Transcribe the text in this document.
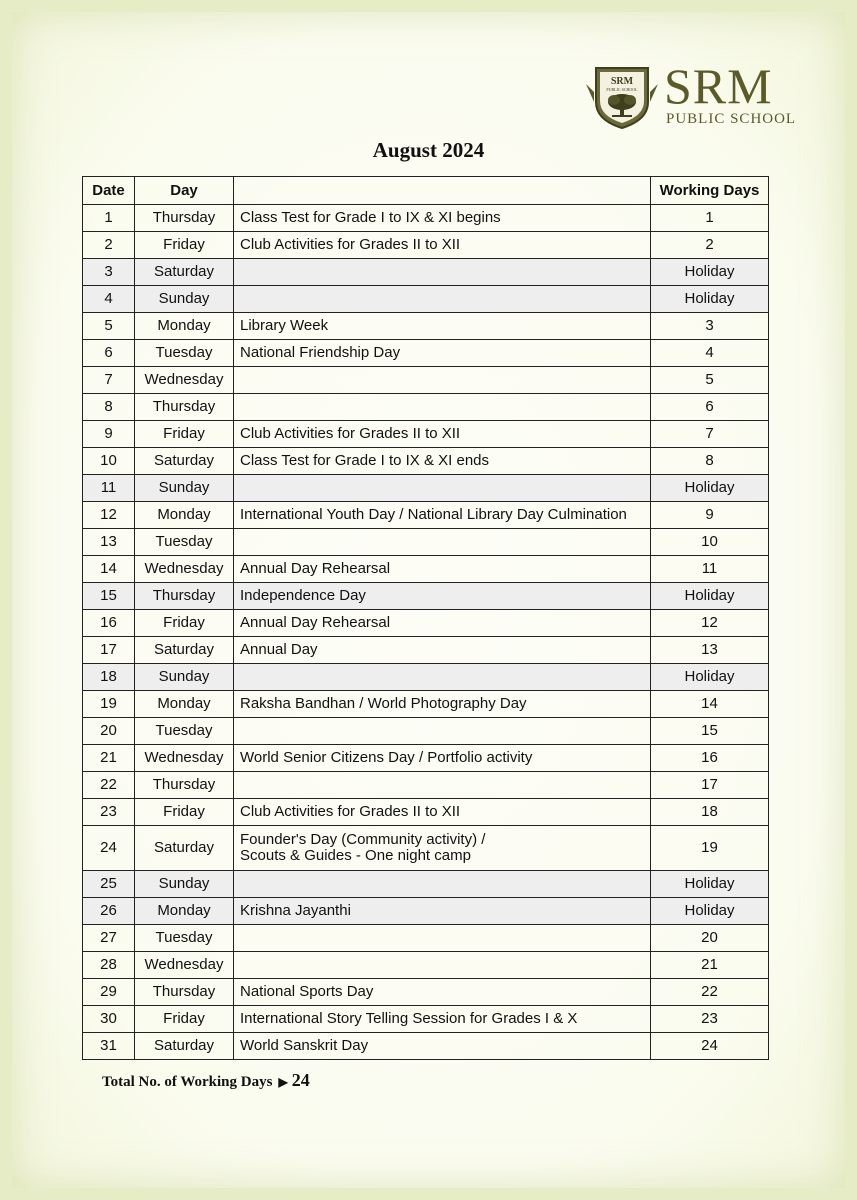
SRM
PUBLIC SCHOOL SRM
PUBLIC SCHOOL
August 2024
Date	Day		Working Days
1	Thursday	Class Test for Grade I to IX & XI begins	1
2	Friday	Club Activities for Grades II to XII	2
3	Saturday		Holiday
4	Sunday		Holiday
5	Monday	Library Week	3
6	Tuesday	National Friendship Day	4
7	Wednesday		5
8	Thursday		6
9	Friday	Club Activities for Grades II to XII	7
10	Saturday	Class Test for Grade I to IX & XI ends	8
11	Sunday		Holiday
12	Monday	International Youth Day / National Library Day Culmination	9
13	Tuesday		10
14	Wednesday	Annual Day Rehearsal	11
15	Thursday	Independence Day	Holiday
16	Friday	Annual Day Rehearsal	12
17	Saturday	Annual Day	13
18	Sunday		Holiday
19	Monday	Raksha Bandhan / World Photography Day	14
20	Tuesday		15
21	Wednesday	World Senior Citizens Day / Portfolio activity	16
22	Thursday		17
23	Friday	Club Activities for Grades II to XII	18
24	Saturday	Founder's Day (Community activity) /
Scouts & Guides - One night camp	19
25	Sunday		Holiday
26	Monday	Krishna Jayanthi	Holiday
27	Tuesday		20
28	Wednesday		21
29	Thursday	National Sports Day	22
30	Friday	International Story Telling Session for Grades I & X	23
31	Saturday	World Sanskrit Day	24
Total No. of Working Days ▶ 24
